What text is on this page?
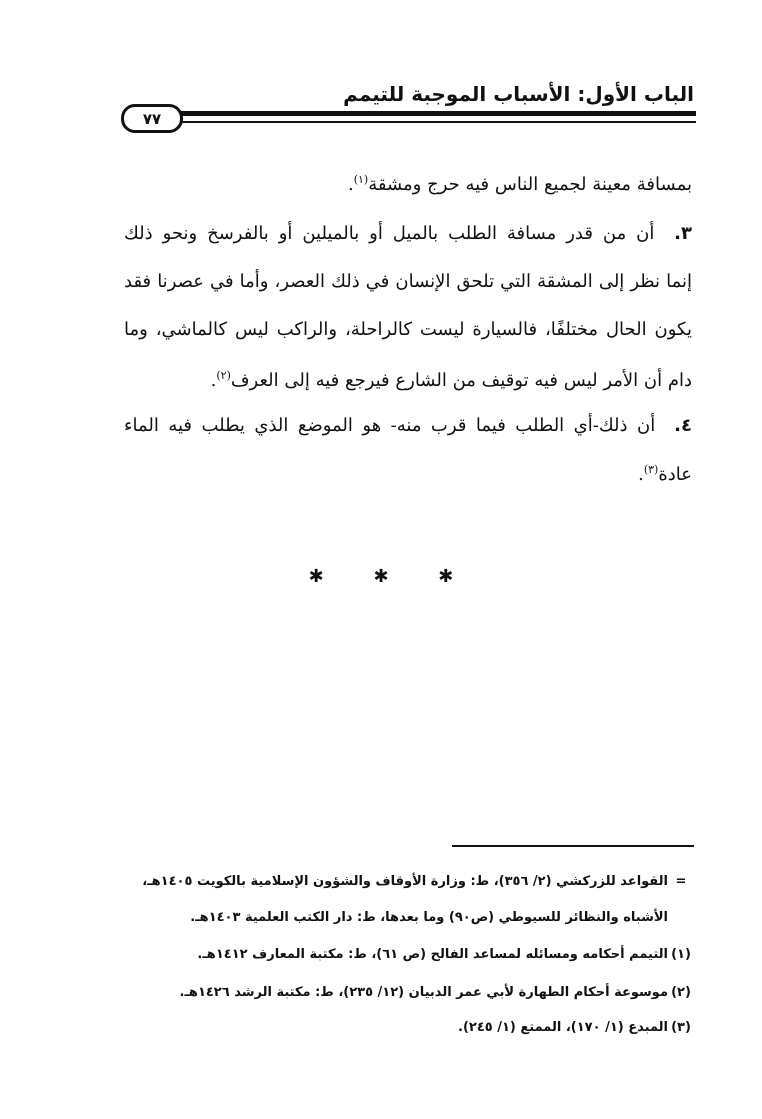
الباب الأول: الأسباب الموجبة للتيمم
٧٧
بمسافة معينة لجميع الناس فيه حرج ومشقة$^{(١)}$.
٣.  أن من قدر مسافة الطلب بالميل أو بالميلين أو بالفرسخ ونحو ذلك
إنما نظر إلى المشقة التي تلحق الإنسان في ذلك العصر، وأما في عصرنا فقد
يكون الحال مختلفًا، فالسيارة ليست كالراحلة، والراكب ليس كالماشي، وما
دام أن الأمر ليس فيه توقيف من الشارع فيرجع فيه إلى العرف$^{(٢)}$.
٤.  أن ذلك-أي الطلب فيما قرب منه- هو الموضع الذي يطلب فيه الماء
عادة$^{(٣)}$.
✱ ✱ ✱
=القواعد للزركشي (٢/ ٣٥٦)، ط: وزارة الأوقاف والشؤون الإسلامية بالكويت ١٤٠٥هـ،
الأشباه والنظائر للسيوطي (ص٩٠) وما بعدها، ط: دار الكتب العلمية ١٤٠٣هـ.
(١)التيمم أحكامه ومسائله لمساعد الفالح (ص ٦١)، ط: مكتبة المعارف ١٤١٢هـ.
(٢)موسوعة أحكام الطهارة لأبي عمر الدبيان (١٢/ ٢٣٥)، ط: مكتبة الرشد ١٤٢٦هـ.
(٣)المبدع (١/ ١٧٠)، الممتع (١/ ٢٤٥).
